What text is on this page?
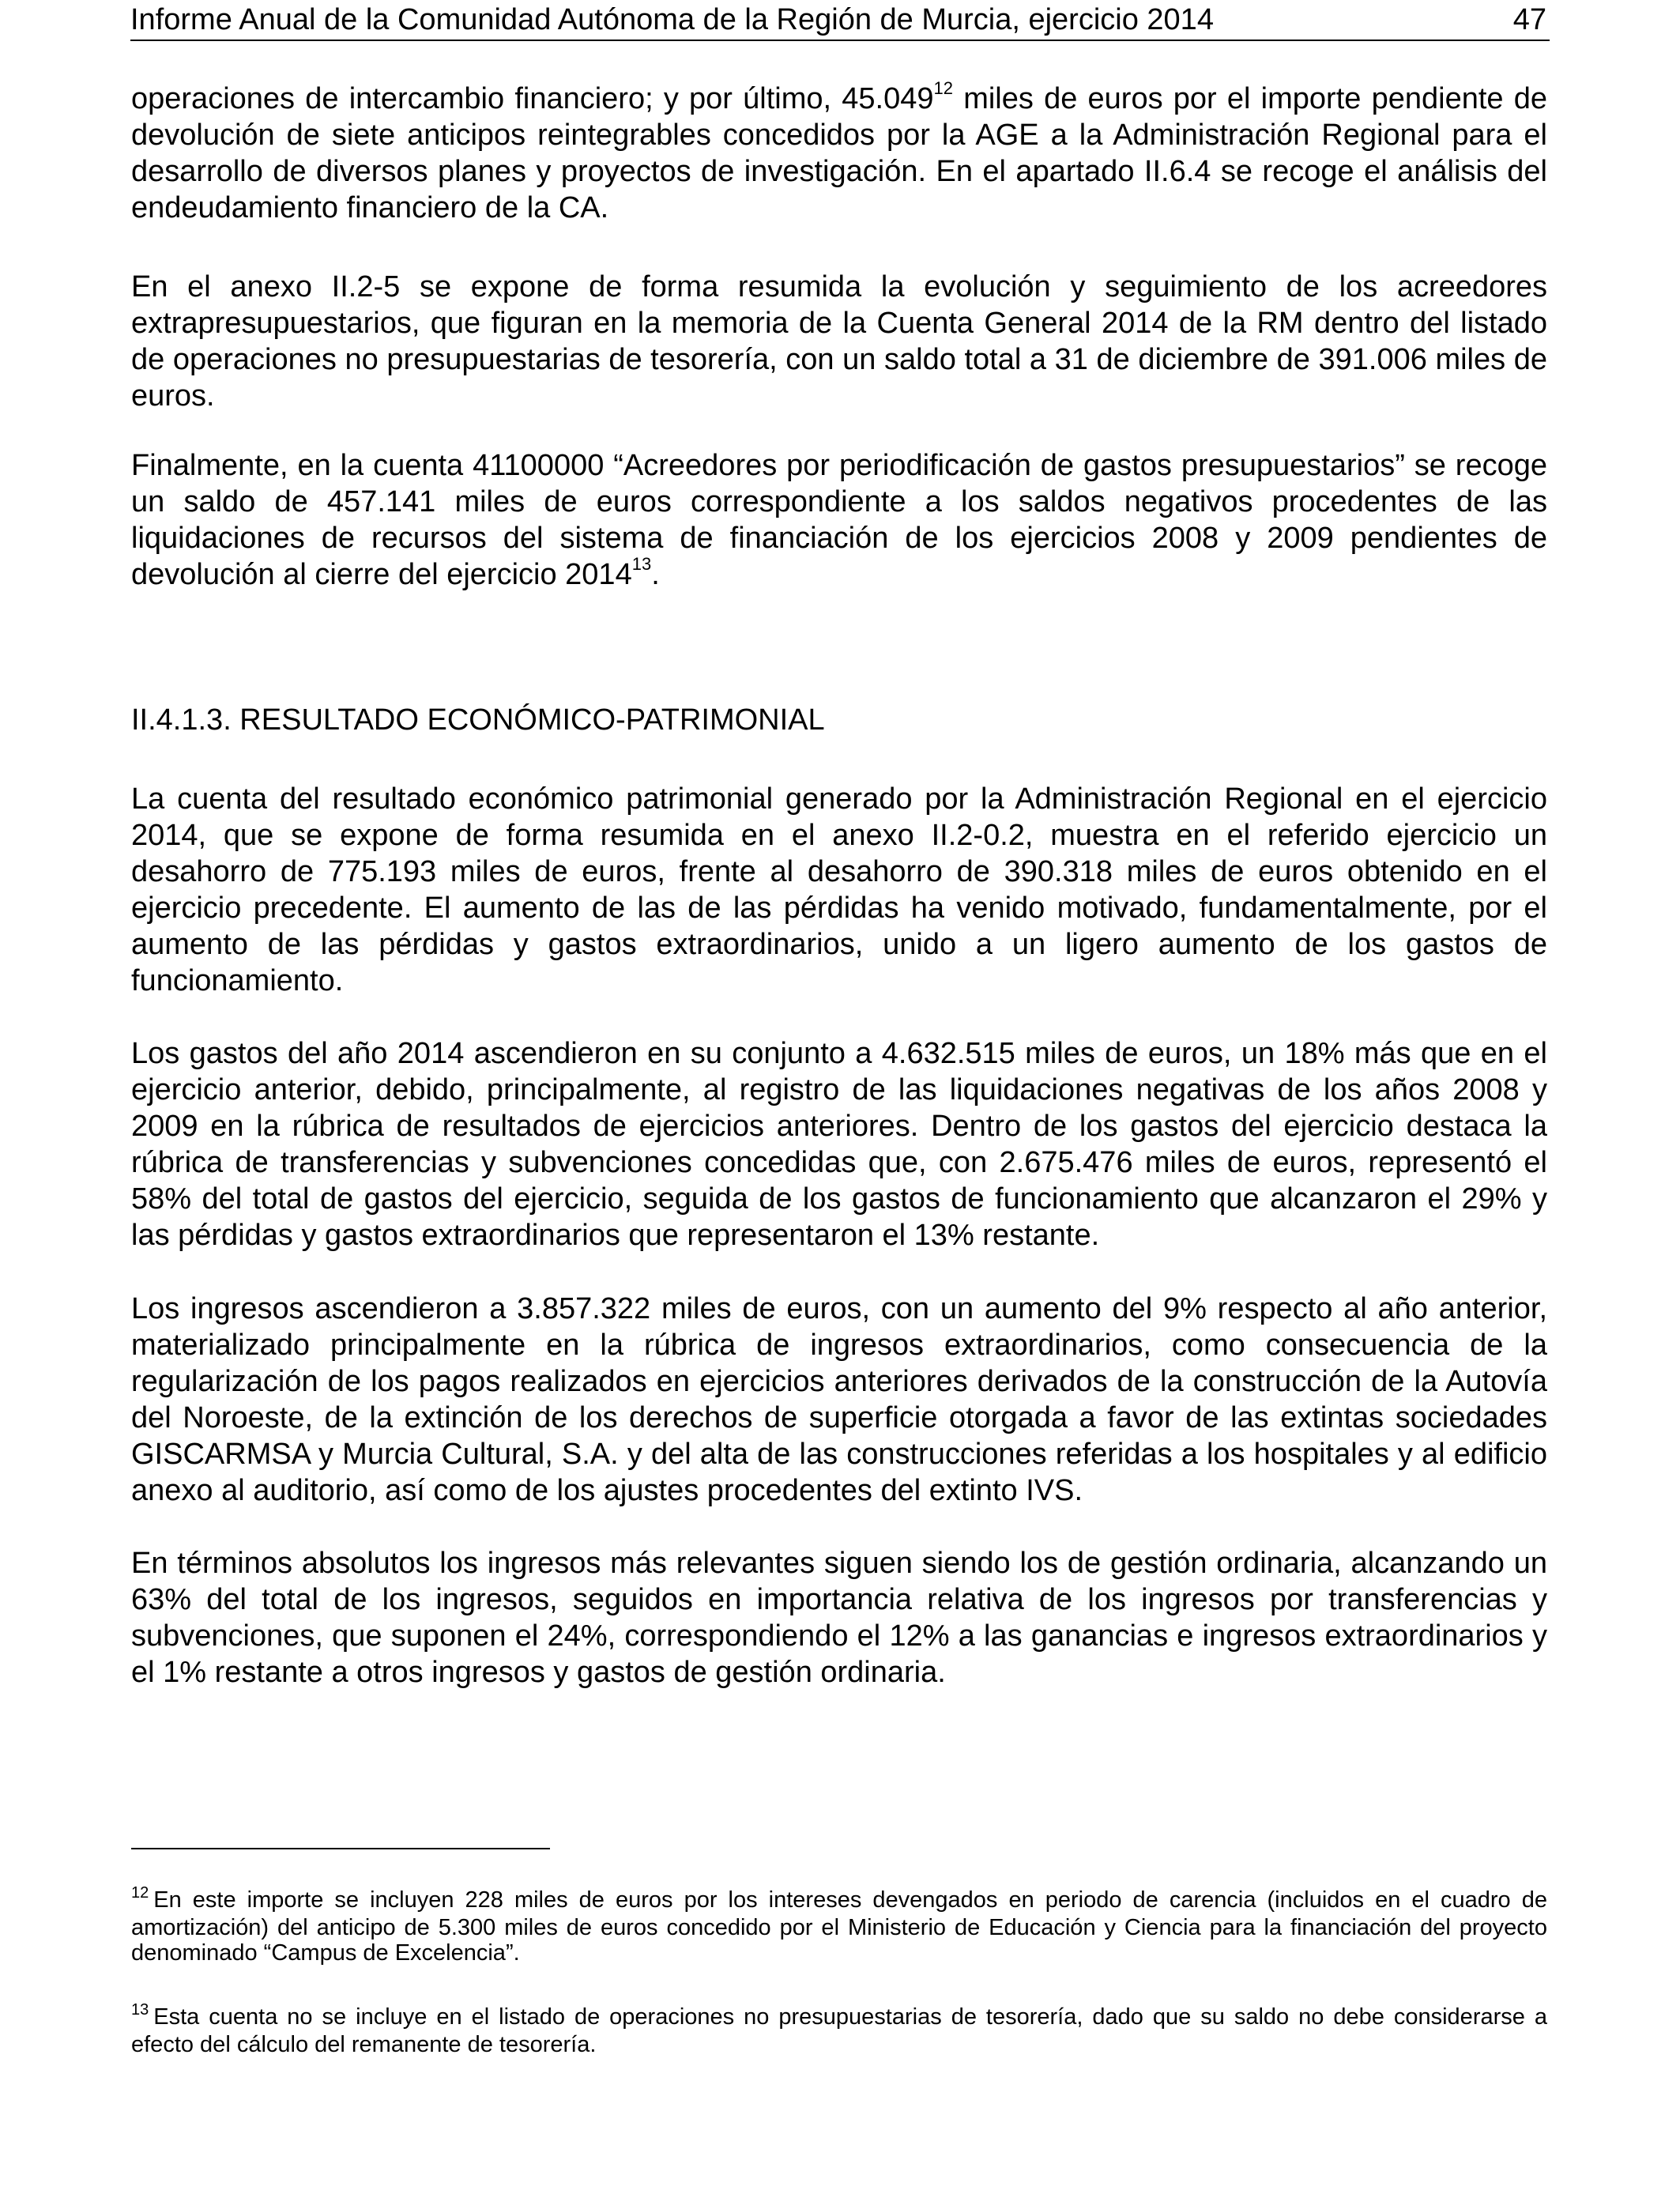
Informe Anual de la Comunidad Autónoma de la Región de Murcia, ejercicio 2014	47

operaciones de intercambio financiero; y por último, 45.049$^{12}$ miles de euros por el importe pendiente de devolución de siete anticipos reintegrables concedidos por la AGE a la Administración Regional para el desarrollo de diversos planes y proyectos de investigación. En el apartado II.6.4 se recoge el análisis del endeudamiento financiero de la CA.

En el anexo II.2-5 se expone de forma resumida la evolución y seguimiento de los acreedores extrapresupuestarios, que figuran en la memoria de la Cuenta General 2014 de la RM dentro del listado de operaciones no presupuestarias de tesorería, con un saldo total a 31 de diciembre de 391.006 miles de euros.

Finalmente, en la cuenta 41100000 “Acreedores por periodificación de gastos presupuestarios” se recoge un saldo de 457.141 miles de euros correspondiente a los saldos negativos procedentes de las liquidaciones de recursos del sistema de financiación de los ejercicios 2008 y 2009 pendientes de devolución al cierre del ejercicio 2014$^{13}$.

II.4.1.3. RESULTADO ECONÓMICO-PATRIMONIAL

La cuenta del resultado económico patrimonial generado por la Administración Regional en el ejercicio 2014, que se expone de forma resumida en el anexo II.2-0.2, muestra en el referido ejercicio un desahorro de 775.193 miles de euros, frente al desahorro de 390.318 miles de euros obtenido en el ejercicio precedente. El aumento de las de las pérdidas ha venido motivado, fundamentalmente, por el aumento de las pérdidas y gastos extraordinarios, unido a un ligero aumento de los gastos de funcionamiento.

Los gastos del año 2014 ascendieron en su conjunto a 4.632.515 miles de euros, un 18% más que en el ejercicio anterior, debido, principalmente, al registro de las liquidaciones negativas de los años 2008 y 2009 en la rúbrica de resultados de ejercicios anteriores. Dentro de los gastos del ejercicio destaca la rúbrica de transferencias y subvenciones concedidas que, con 2.675.476 miles de euros, representó el 58% del total de gastos del ejercicio, seguida de los gastos de funcionamiento que alcanzaron el 29% y las pérdidas y gastos extraordinarios que representaron el 13% restante.

Los ingresos ascendieron a 3.857.322 miles de euros, con un aumento del 9% respecto al año anterior, materializado principalmente en la rúbrica de ingresos extraordinarios, como consecuencia de la regularización de los pagos realizados en ejercicios anteriores derivados de la construcción de la Autovía del Noroeste, de la extinción de los derechos de superficie otorgada a favor de las extintas sociedades GISCARMSA y Murcia Cultural, S.A. y del alta de las construcciones referidas a los hospitales y al edificio anexo al auditorio, así como de los ajustes procedentes del extinto IVS.

En términos absolutos los ingresos más relevantes siguen siendo los de gestión ordinaria, alcanzando un 63% del total de los ingresos, seguidos en importancia relativa de los ingresos por transferencias y subvenciones, que suponen el 24%, correspondiendo el 12% a las ganancias e ingresos extraordinarios y el 1% restante a otros ingresos y gastos de gestión ordinaria.

$^{12}$ En este importe se incluyen 228 miles de euros por los intereses devengados en periodo de carencia (incluidos en el cuadro de amortización) del anticipo de 5.300 miles de euros concedido por el Ministerio de Educación y Ciencia para la financiación del proyecto denominado “Campus de Excelencia”.

$^{13}$ Esta cuenta no se incluye en el listado de operaciones no presupuestarias de tesorería, dado que su saldo no debe considerarse a efecto del cálculo del remanente de tesorería.
